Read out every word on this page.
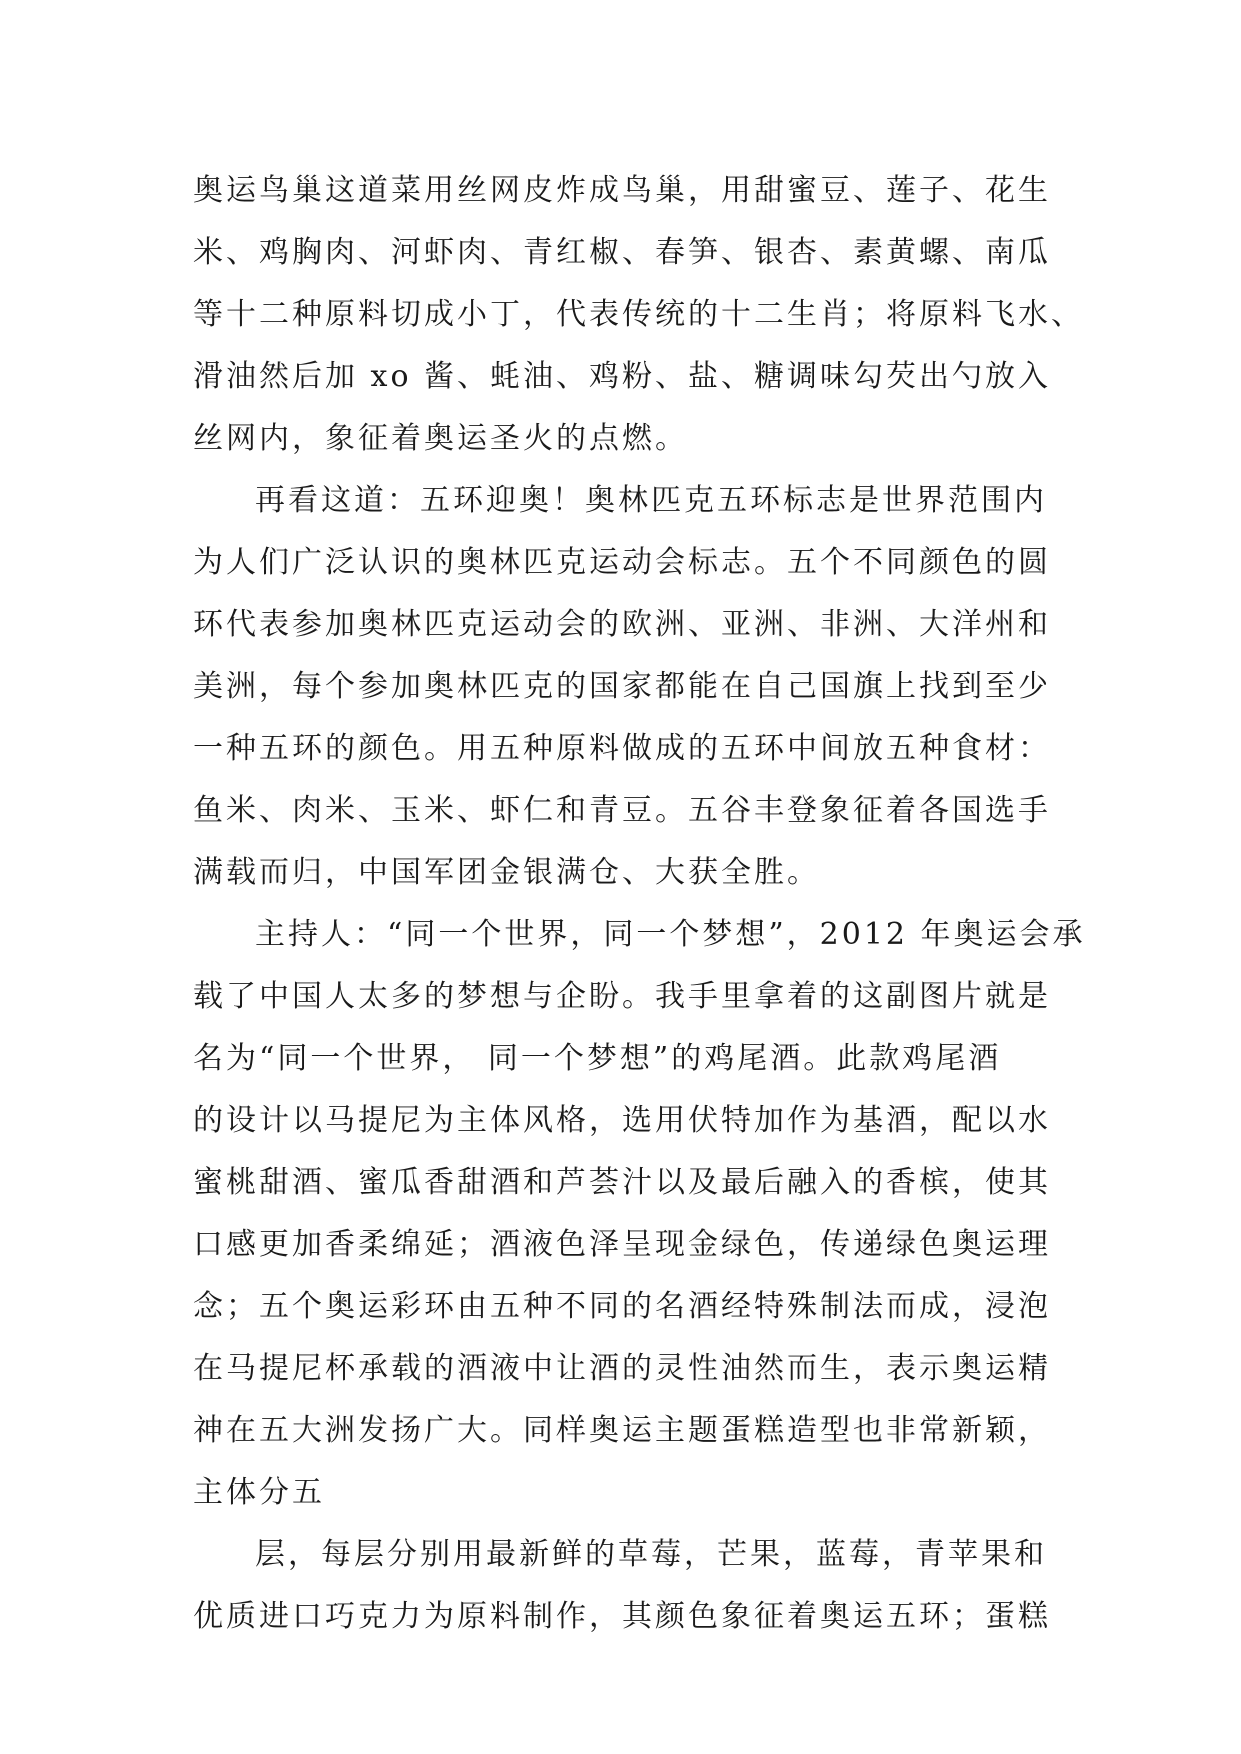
奥运鸟巢这道菜用丝网皮炸成鸟巢，用甜蜜豆、莲子、花生
米、鸡胸肉、河虾肉、青红椒、春笋、银杏、素黄螺、南瓜
等十二种原料切成小丁，代表传统的十二生肖；将原料飞水、
滑油然后加 xo 酱、蚝油、鸡粉、盐、糖调味勾芡出勺放入
丝网内，象征着奥运圣火的点燃。
再看这道：五环迎奥！奥林匹克五环标志是世界范围内
为人们广泛认识的奥林匹克运动会标志。五个不同颜色的圆
环代表参加奥林匹克运动会的欧洲、亚洲、非洲、大洋州和
美洲，每个参加奥林匹克的国家都能在自己国旗上找到至少
一种五环的颜色。用五种原料做成的五环中间放五种食材：
鱼米、肉米、玉米、虾仁和青豆。五谷丰登象征着各国选手
满载而归，中国军团金银满仓、大获全胜。
主持人：“同一个世界，同一个梦想”，2012 年奥运会承
载了中国人太多的梦想与企盼。我手里拿着的这副图片就是
名为“同一个世界， 同一个梦想”的鸡尾酒。此款鸡尾酒
的设计以马提尼为主体风格，选用伏特加作为基酒，配以水
蜜桃甜酒、蜜瓜香甜酒和芦荟汁以及最后融入的香槟，使其
口感更加香柔绵延；酒液色泽呈现金绿色，传递绿色奥运理
念；五个奥运彩环由五种不同的名酒经特殊制法而成，浸泡
在马提尼杯承载的酒液中让酒的灵性油然而生，表示奥运精
神在五大洲发扬广大。同样奥运主题蛋糕造型也非常新颖，
主体分五
层，每层分别用最新鲜的草莓，芒果，蓝莓，青苹果和
优质进口巧克力为原料制作，其颜色象征着奥运五环；蛋糕
